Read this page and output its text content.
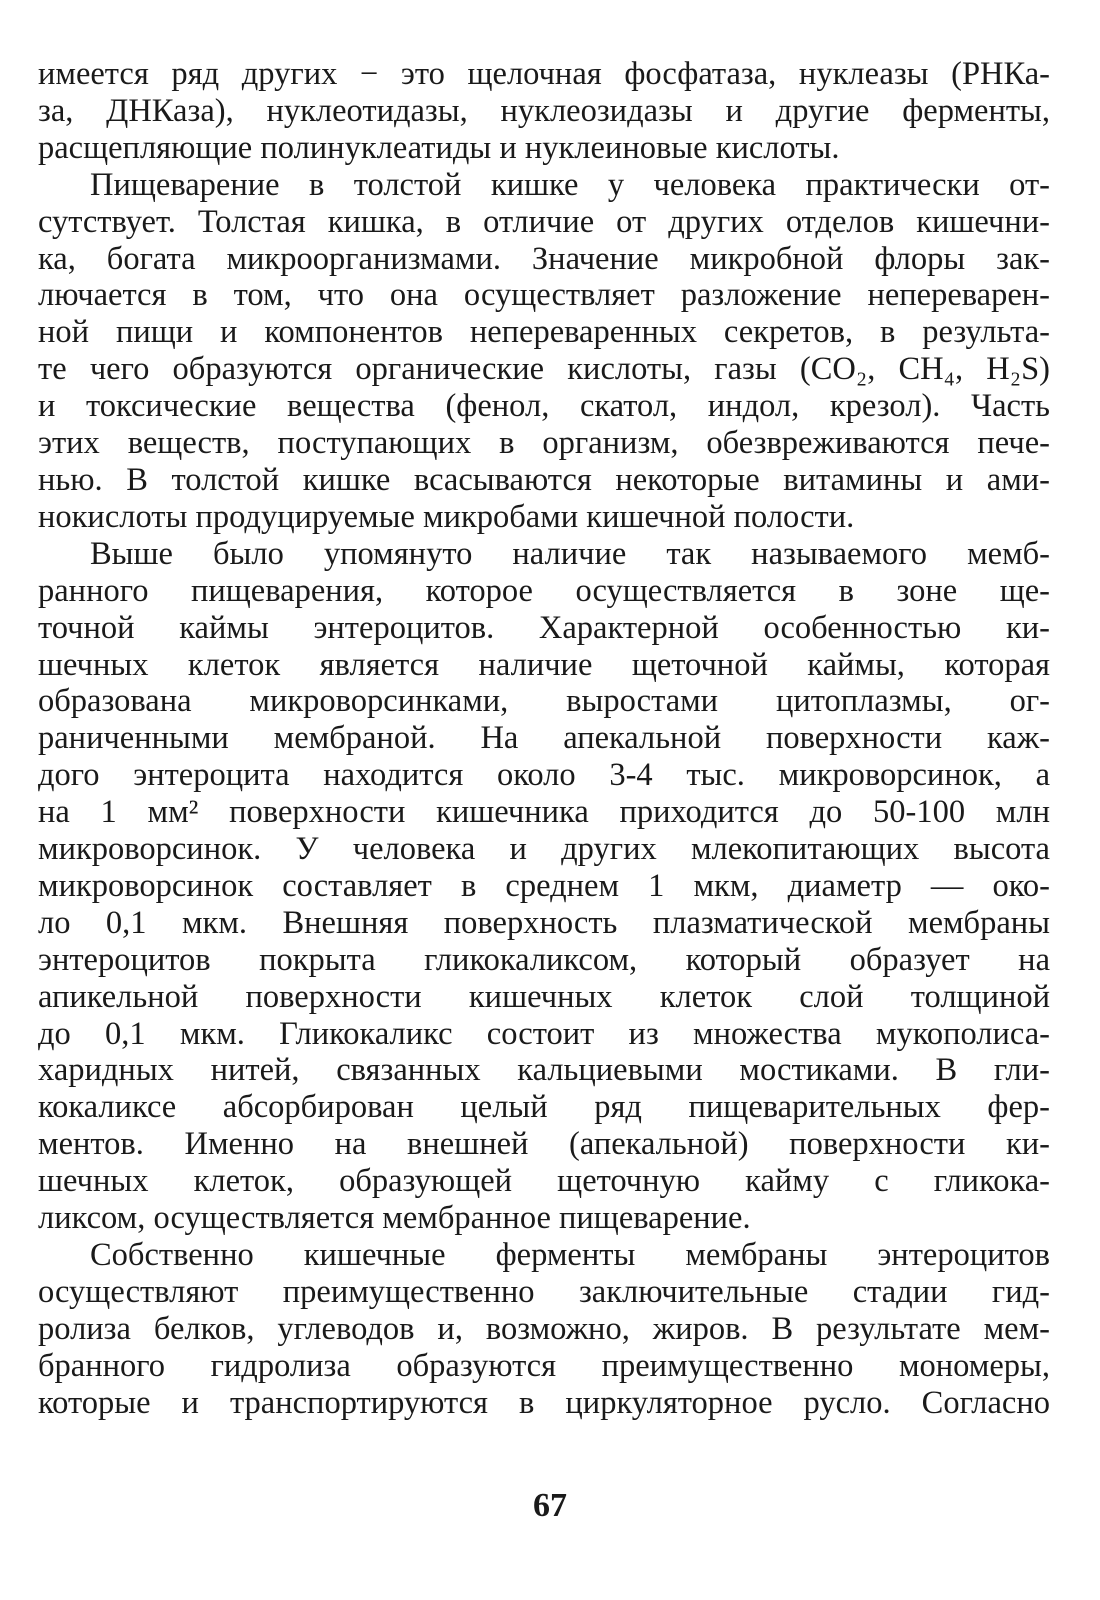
имеется ряд других − это щелочная фосфатаза, нуклеазы (РНКа-
за, ДНКаза), нуклеотидазы, нуклеозидазы и другие ферменты,
расщепляющие полинуклеатиды и нуклеиновые кислоты.

Пищеварение в толстой кишке у человека практически от-
сутствует. Толстая кишка, в отличие от других отделов кишечни-
ка, богата микроорганизмами. Значение микробной флоры зак-
лючается в том, что она осуществляет разложение непереварен-
ной пищи и компонентов непереваренных секретов, в результа-
те чего образуются органические кислоты, газы (CO₂, CH₄, H₂S)
и токсические вещества (фенол, скатол, индол, крезол). Часть
этих веществ, поступающих в организм, обезвреживаются пече-
нью. В толстой кишке всасываются некоторые витамины и ами-
нокислоты продуцируемые микробами кишечной полости.

Выше было упомянуто наличие так называемого мемб-
ранного пищеварения, которое осуществляется в зоне ще-
точной каймы энтероцитов. Характерной особенностью ки-
шечных клеток является наличие щеточной каймы, которая
образована микроворсинками, выростами цитоплазмы, ог-
раниченными мембраной. На апекальной поверхности каж-
дого энтероцита находится около 3-4 тыс. микроворсинок, а
на 1 мм² поверхности кишечника приходится до 50-100 млн
микроворсинок. У человека и других млекопитающих высота
микроворсинок составляет в среднем 1 мкм, диаметр — око-
ло 0,1 мкм. Внешняя поверхность плазматической мембраны
энтероцитов покрыта гликокаликсом, который образует на
апикельной поверхности кишечных клеток слой толщиной
до 0,1 мкм. Гликокаликс состоит из множества мукополиса-
харидных нитей, связанных кальциевыми мостиками. В гли-
кокаликсе абсорбирован целый ряд пищеварительных фер-
ментов. Именно на внешней (апекальной) поверхности ки-
шечных клеток, образующей щеточную кайму с гликока-
ликсом, осуществляется мембранное пищеварение.

Собственно кишечные ферменты мембраны энтероцитов
осуществляют преимущественно заключительные стадии гид-
ролиза белков, углеводов и, возможно, жиров. В результате мем-
бранного гидролиза образуются преимущественно мономеры,
которые и транспортируются в циркуляторное русло. Согласно

67
